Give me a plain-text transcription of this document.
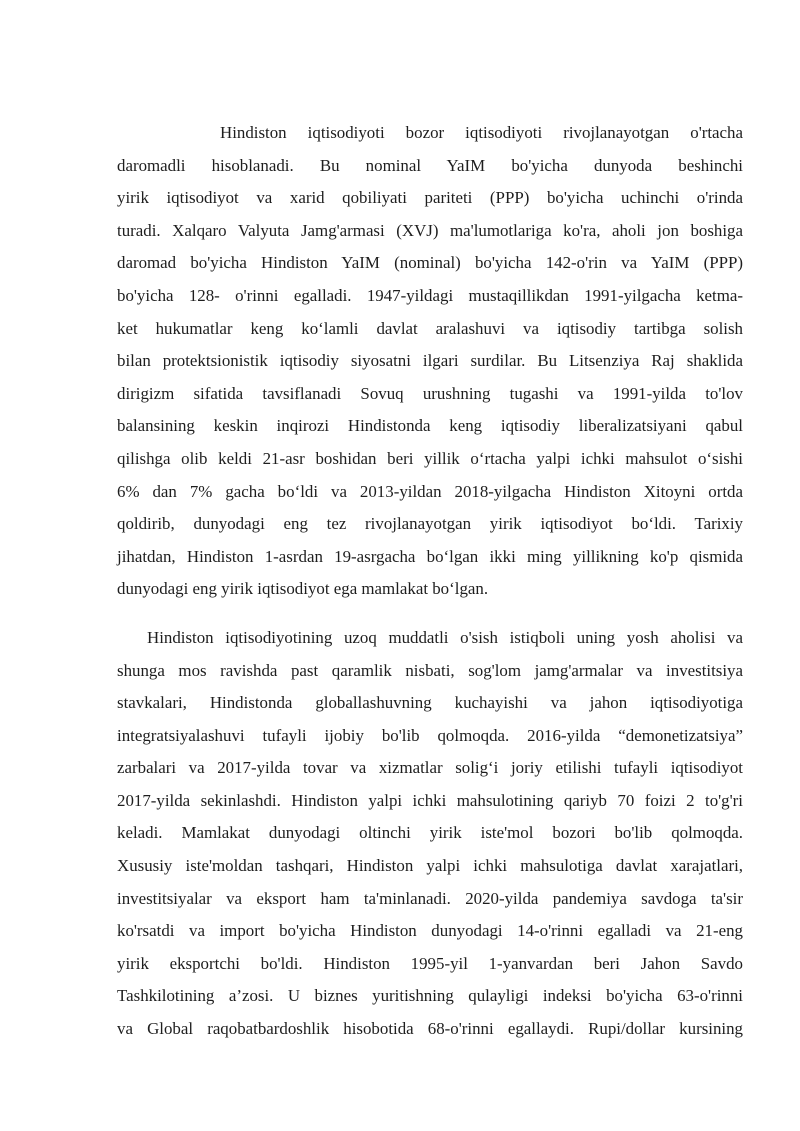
Hindiston iqtisodiyoti bozor iqtisodiyoti rivojlanayotgan o'rtacha
daromadli hisoblanadi. Bu nominal YaIM bo'yicha dunyoda beshinchi
yirik iqtisodiyot va xarid qobiliyati pariteti (PPP) bo'yicha uchinchi o'rinda
turadi. Xalqaro Valyuta Jamg'armasi (XVJ) ma'lumotlariga ko'ra, aholi jon boshiga
daromad bo'yicha Hindiston YaIM (nominal) bo'yicha 142-o'rin va YaIM (PPP)
bo'yicha 128- o'rinni egalladi. 1947-yildagi mustaqillikdan 1991-yilgacha ketma-
ket hukumatlar keng ko‘lamli davlat aralashuvi va iqtisodiy tartibga solish
bilan protektsionistik iqtisodiy siyosatni ilgari surdilar. Bu Litsenziya Raj shaklida
dirigizm sifatida tavsiflanadi Sovuq urushning tugashi va 1991-yilda to'lov
balansining keskin inqirozi Hindistonda keng iqtisodiy liberalizatsiyani qabul
qilishga olib keldi 21-asr boshidan beri yillik o‘rtacha yalpi ichki mahsulot o‘sishi
6% dan 7% gacha bo‘ldi va 2013-yildan 2018-yilgacha Hindiston Xitoyni ortda
qoldirib, dunyodagi eng tez rivojlanayotgan yirik iqtisodiyot bo‘ldi. Tarixiy
jihatdan, Hindiston 1-asrdan 19-asrgacha bo‘lgan ikki ming yillikning ko'p qismida
dunyodagi eng yirik iqtisodiyot ega mamlakat bo‘lgan.
Hindiston iqtisodiyotining uzoq muddatli o'sish istiqboli uning yosh aholisi va
shunga mos ravishda past qaramlik nisbati, sog'lom jamg'armalar va investitsiya
stavkalari, Hindistonda globallashuvning kuchayishi va jahon iqtisodiyotiga
integratsiyalashuvi tufayli ijobiy bo'lib qolmoqda. 2016-yilda “demonetizatsiya”
zarbalari va 2017-yilda tovar va xizmatlar solig‘i joriy etilishi tufayli iqtisodiyot
2017-yilda sekinlashdi. Hindiston yalpi ichki mahsulotining qariyb 70 foizi 2 to'g'ri
keladi. Mamlakat dunyodagi oltinchi yirik iste'mol bozori bo'lib qolmoqda.
Xususiy iste'moldan tashqari, Hindiston yalpi ichki mahsulotiga davlat xarajatlari,
investitsiyalar va eksport ham ta'minlanadi. 2020-yilda pandemiya savdoga ta'sir
ko'rsatdi va import bo'yicha Hindiston dunyodagi 14-o'rinni egalladi va 21-eng
yirik eksportchi bo'ldi. Hindiston 1995-yil 1-yanvardan beri Jahon Savdo
Tashkilotining a’zosi. U biznes yuritishning qulayligi indeksi bo'yicha 63-o'rinni
va Global raqobatbardoshlik hisobotida 68-o'rinni egallaydi. Rupi/dollar kursining
